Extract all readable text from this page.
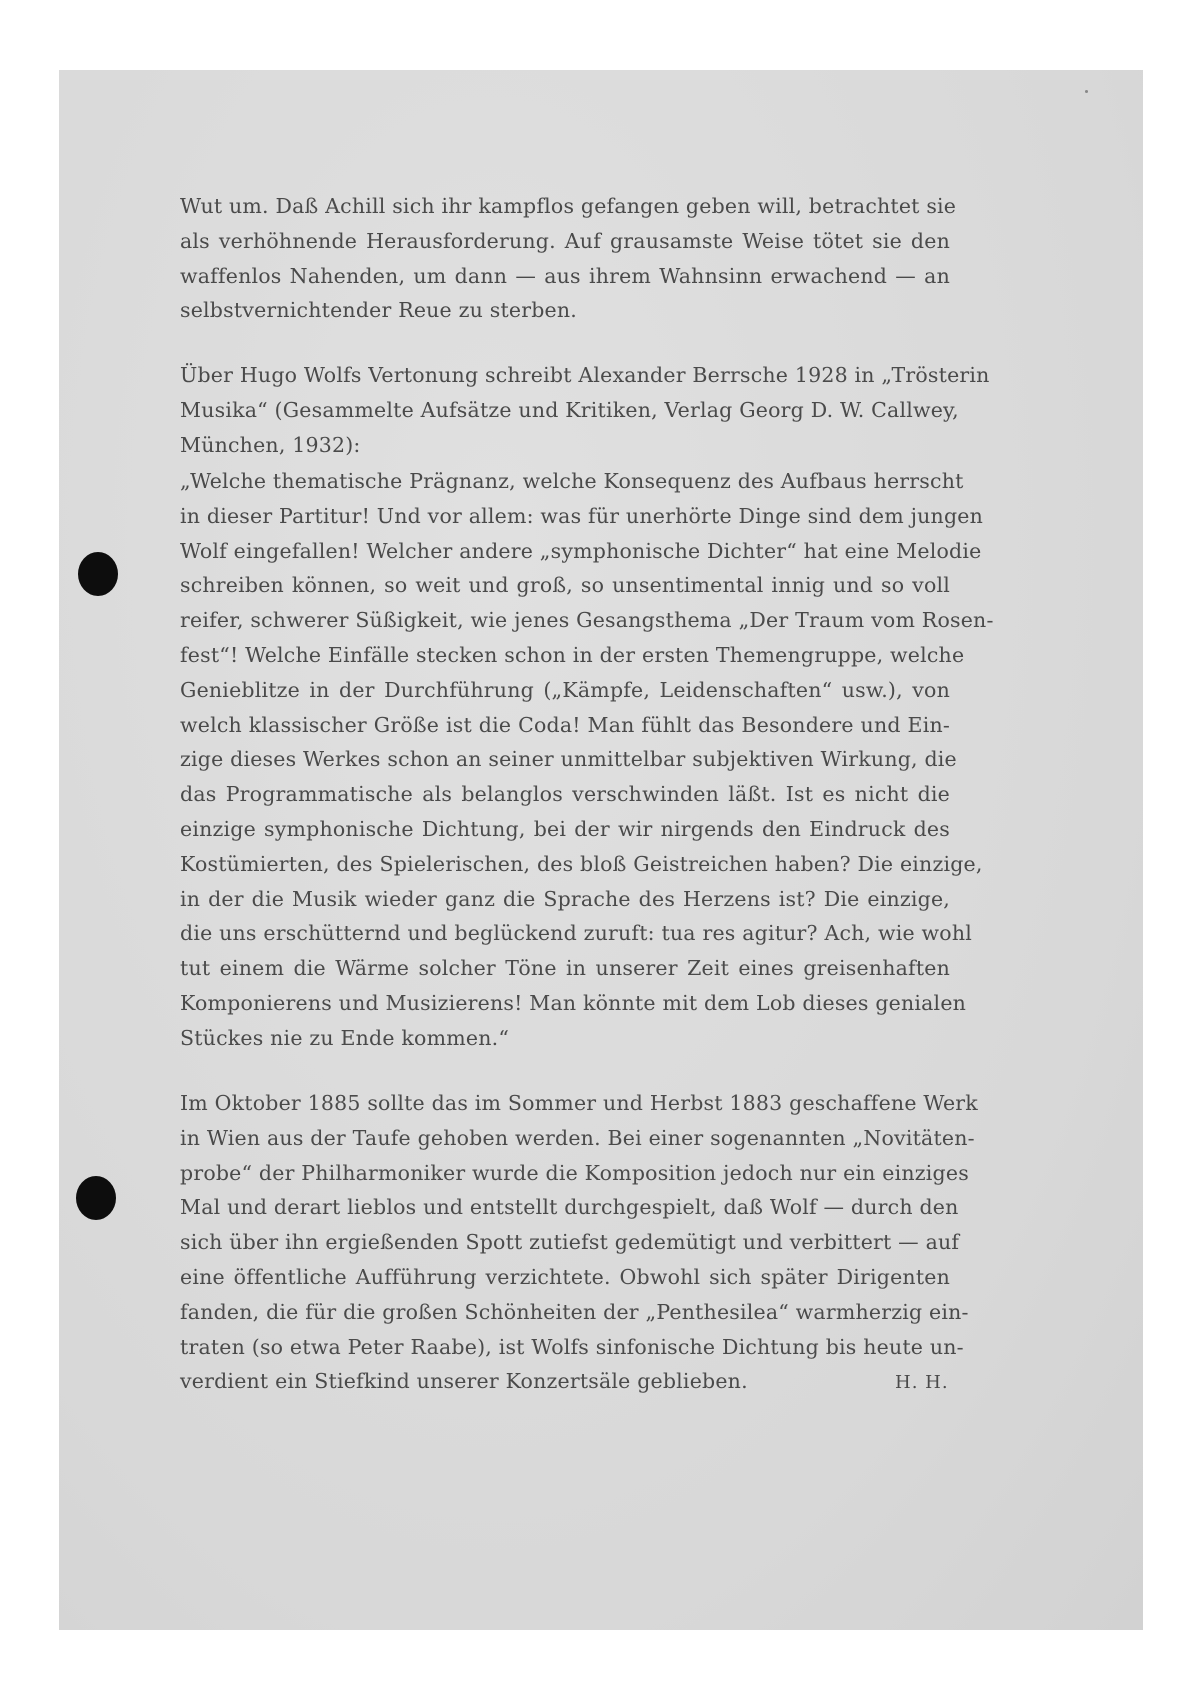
Wut um. Daß Achill sich ihr kampflos gefangen geben will, betrachtet sie
als verhöhnende Herausforderung. Auf grausamste Weise tötet sie den
waffenlos Nahenden, um dann — aus ihrem Wahnsinn erwachend — an
selbstvernichtender Reue zu sterben.
Über Hugo Wolfs Vertonung schreibt Alexander Berrsche 1928 in „Trösterin
Musika“ (Gesammelte Aufsätze und Kritiken, Verlag Georg D. W. Callwey,
München, 1932):
„Welche thematische Prägnanz, welche Konsequenz des Aufbaus herrscht
in dieser Partitur! Und vor allem: was für unerhörte Dinge sind dem jungen
Wolf eingefallen! Welcher andere „symphonische Dichter“ hat eine Melodie
schreiben können, so weit und groß, so unsentimental innig und so voll
reifer, schwerer Süßigkeit, wie jenes Gesangsthema „Der Traum vom Rosen-
fest“! Welche Einfälle stecken schon in der ersten Themengruppe, welche
Genieblitze in der Durchführung („Kämpfe, Leidenschaften“ usw.), von
welch klassischer Größe ist die Coda! Man fühlt das Besondere und Ein-
zige dieses Werkes schon an seiner unmittelbar subjektiven Wirkung, die
das Programmatische als belanglos verschwinden läßt. Ist es nicht die
einzige symphonische Dichtung, bei der wir nirgends den Eindruck des
Kostümierten, des Spielerischen, des bloß Geistreichen haben? Die einzige,
in der die Musik wieder ganz die Sprache des Herzens ist? Die einzige,
die uns erschütternd und beglückend zuruft: tua res agitur? Ach, wie wohl
tut einem die Wärme solcher Töne in unserer Zeit eines greisenhaften
Komponierens und Musizierens! Man könnte mit dem Lob dieses genialen
Stückes nie zu Ende kommen.“
Im Oktober 1885 sollte das im Sommer und Herbst 1883 geschaffene Werk
in Wien aus der Taufe gehoben werden. Bei einer sogenannten „Novitäten-
probe“ der Philharmoniker wurde die Komposition jedoch nur ein einziges
Mal und derart lieblos und entstellt durchgespielt, daß Wolf — durch den
sich über ihn ergießenden Spott zutiefst gedemütigt und verbittert — auf
eine öffentliche Aufführung verzichtete. Obwohl sich später Dirigenten
fanden, die für die großen Schönheiten der „Penthesilea“ warmherzig ein-
traten (so etwa Peter Raabe), ist Wolfs sinfonische Dichtung bis heute un-
verdient ein Stiefkind unserer Konzertsäle geblieben.	H. H.
